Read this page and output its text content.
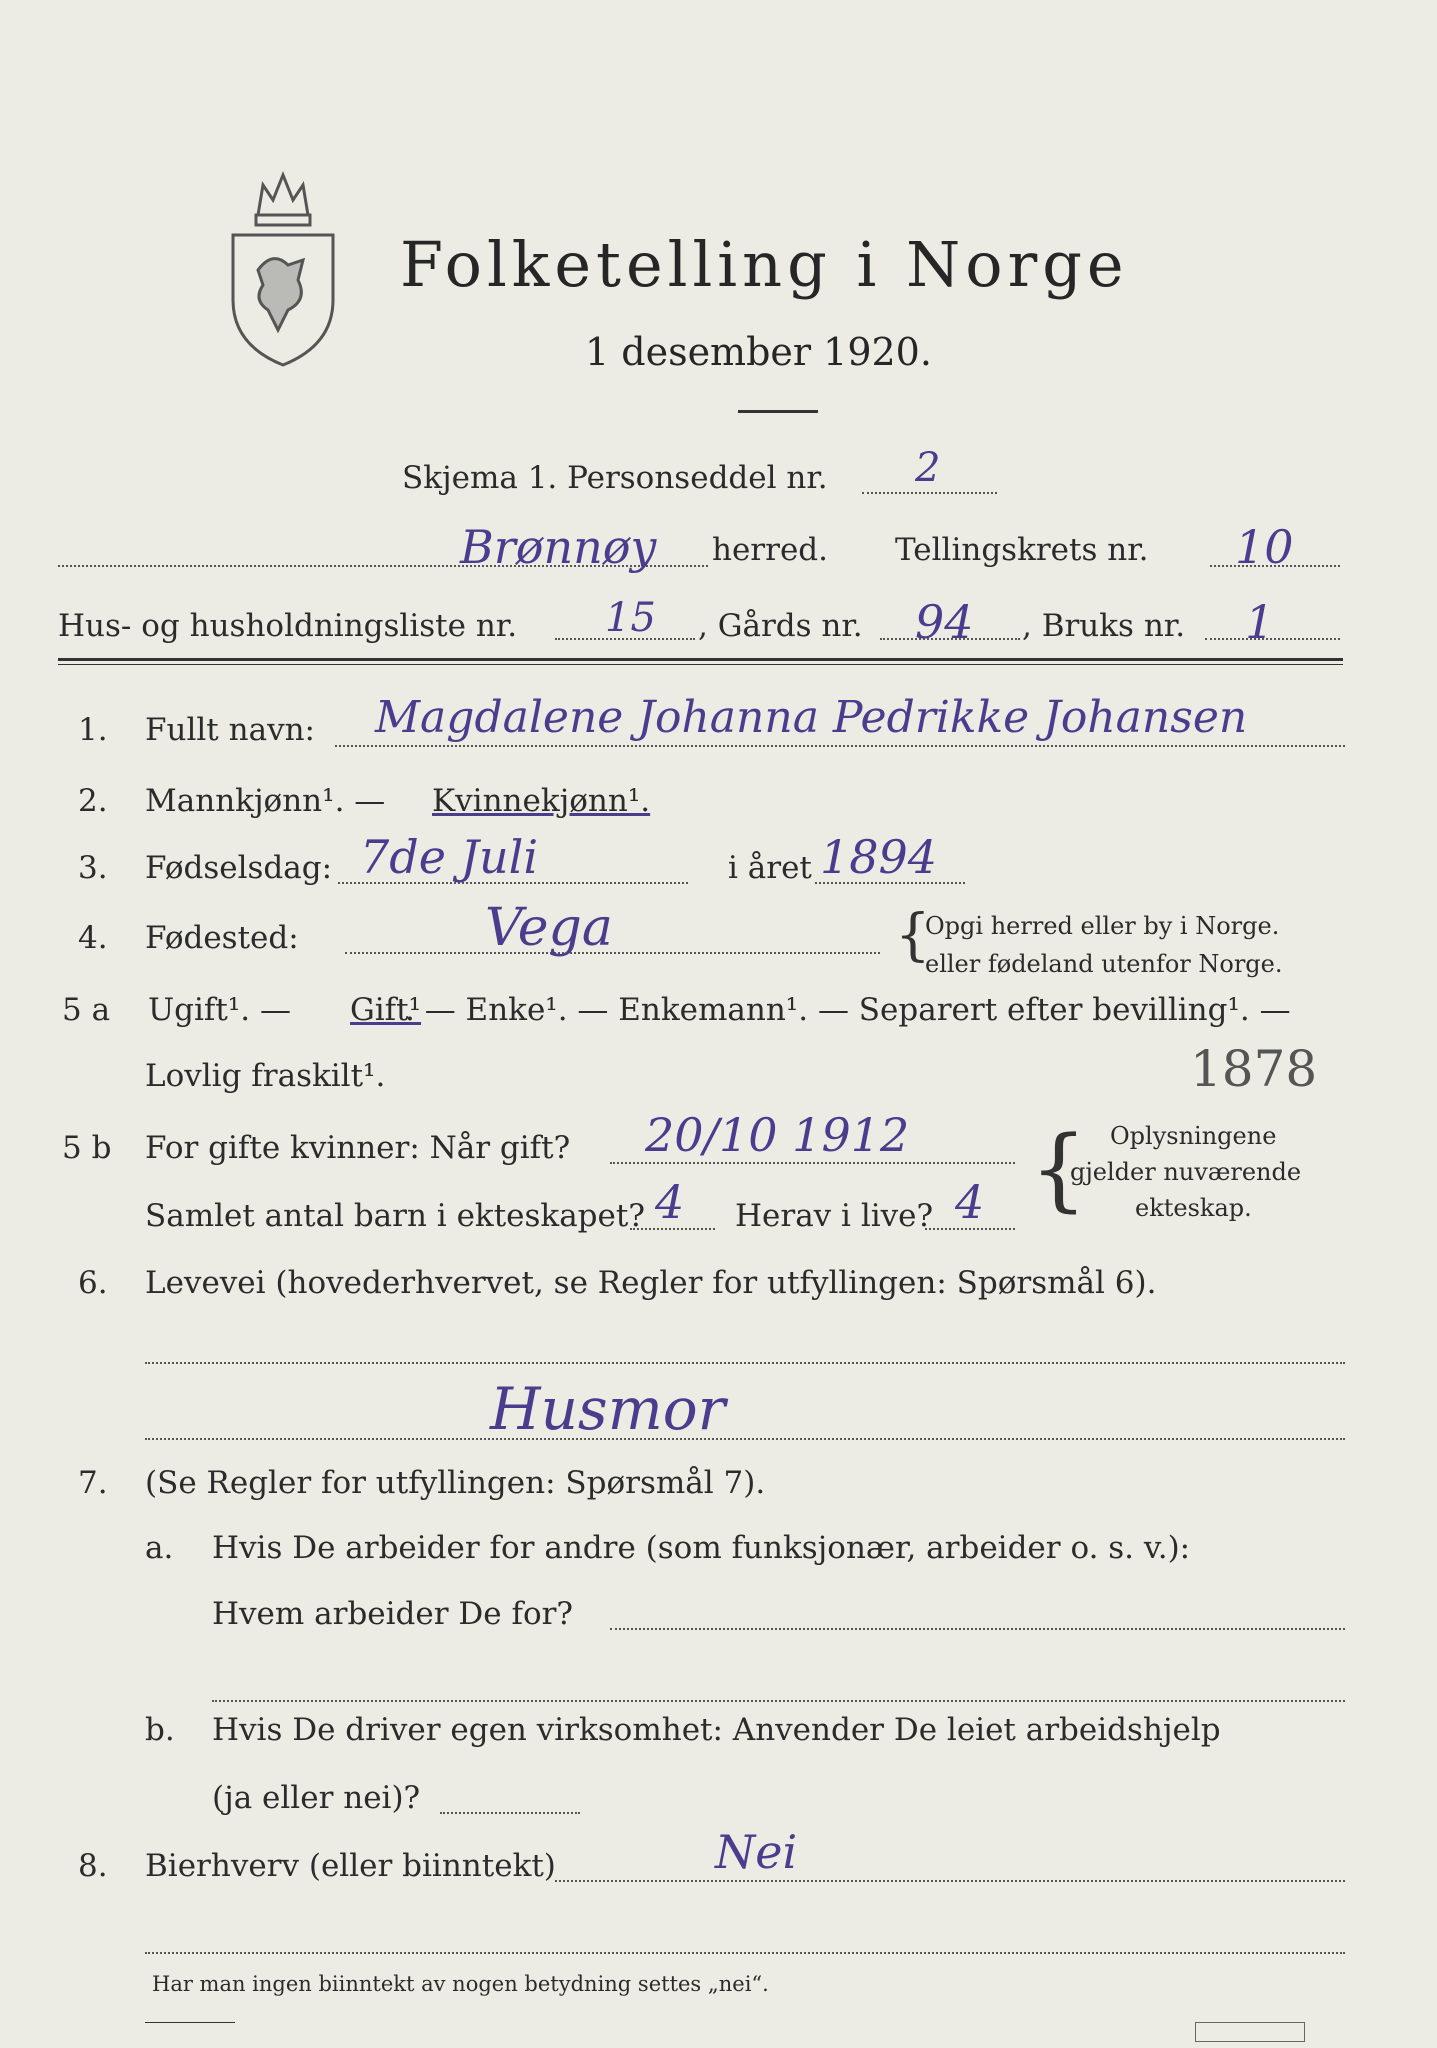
Folketelling i Norge
1 desember 1920.
Skjema 1. Personseddel nr. 2
Brønnøy herred. Tellingskrets nr. 10
Hus- og husholdningsliste nr. 15 , Gårds nr. 94 , Bruks nr. 1
1. Fullt navn: Magdalene Johanna Pedrikke Johansen
2. Mannkjønn¹. — Kvinnekjønn¹.
3. Fødselsdag: 7de Juli	i året 1894
4. Fødested:	Vega	{
Opgi herred eller by i Norge.
eller fødeland utenfor Norge.
5 a Ugift¹. — Gift¹
. — Enke¹. — Enkemann¹. — Separert efter bevilling¹. —
Lovlig fraskilt¹.	1878
5 b For gifte kvinner: Når gift? 20/10 1912
Samlet antal barn i ekteskapet? 4 Herav i live? 4 { Oplysningene
gjelder nuværende
ekteskap.
6. Levevei (hovederhvervet, se Regler for utfyllingen: Spørsmål 6).
Husmor
7. (Se Regler for utfyllingen: Spørsmål 7).
a. Hvis De arbeider for andre (som funksjonær, arbeider o. s. v.):
Hvem arbeider De for?
b. Hvis De driver egen virksomhet: Anvender De leiet arbeidshjelp
(ja eller nei)?
8. Bierhverv (eller biinntekt)	Nei
Har man ingen biinntekt av nogen betydning settes „nei“.
